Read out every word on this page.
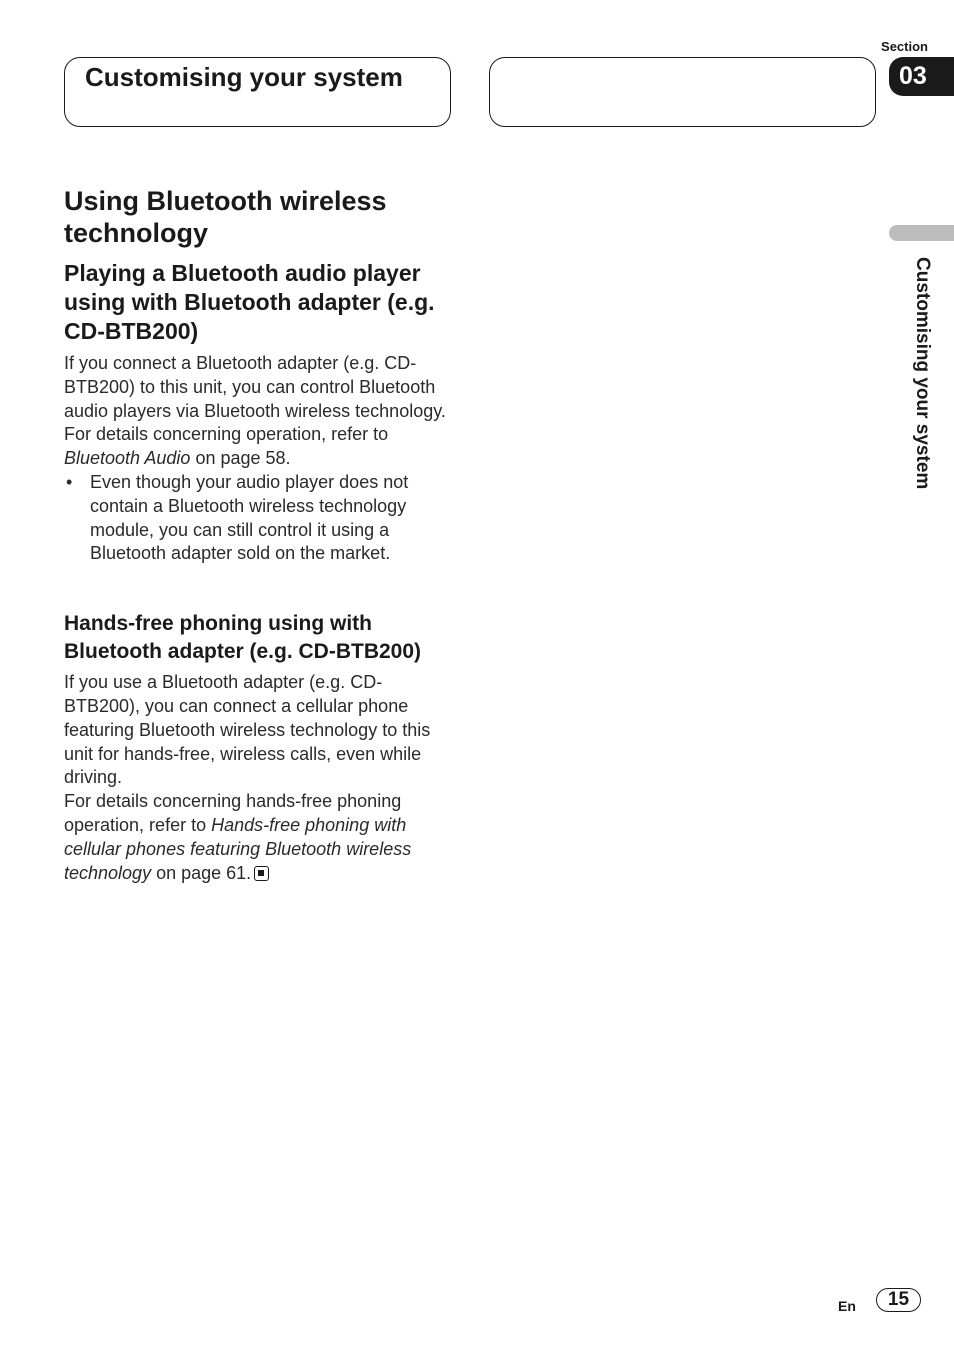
Customising your system
Section
03
Customising your system
Using Bluetooth wireless technology
Playing a Bluetooth audio player using with Bluetooth adapter (e.g. CD-BTB200)

If you connect a Bluetooth adapter (e.g. CD-BTB200) to this unit, you can control Bluetooth audio players via Bluetooth wireless technology.

For details concerning operation, refer to Bluetooth Audio on page 58.

• Even though your audio player does not contain a Bluetooth wireless technology module, you can still control it using a Bluetooth adapter sold on the market.
Hands-free phoning using with Bluetooth adapter (e.g. CD-BTB200)

If you use a Bluetooth adapter (e.g. CD-BTB200), you can connect a cellular phone featuring Bluetooth wireless technology to this unit for hands-free, wireless calls, even while driving.

For details concerning hands-free phoning operation, refer to Hands-free phoning with cellular phones featuring Bluetooth wireless technology on page 61.

En	15
